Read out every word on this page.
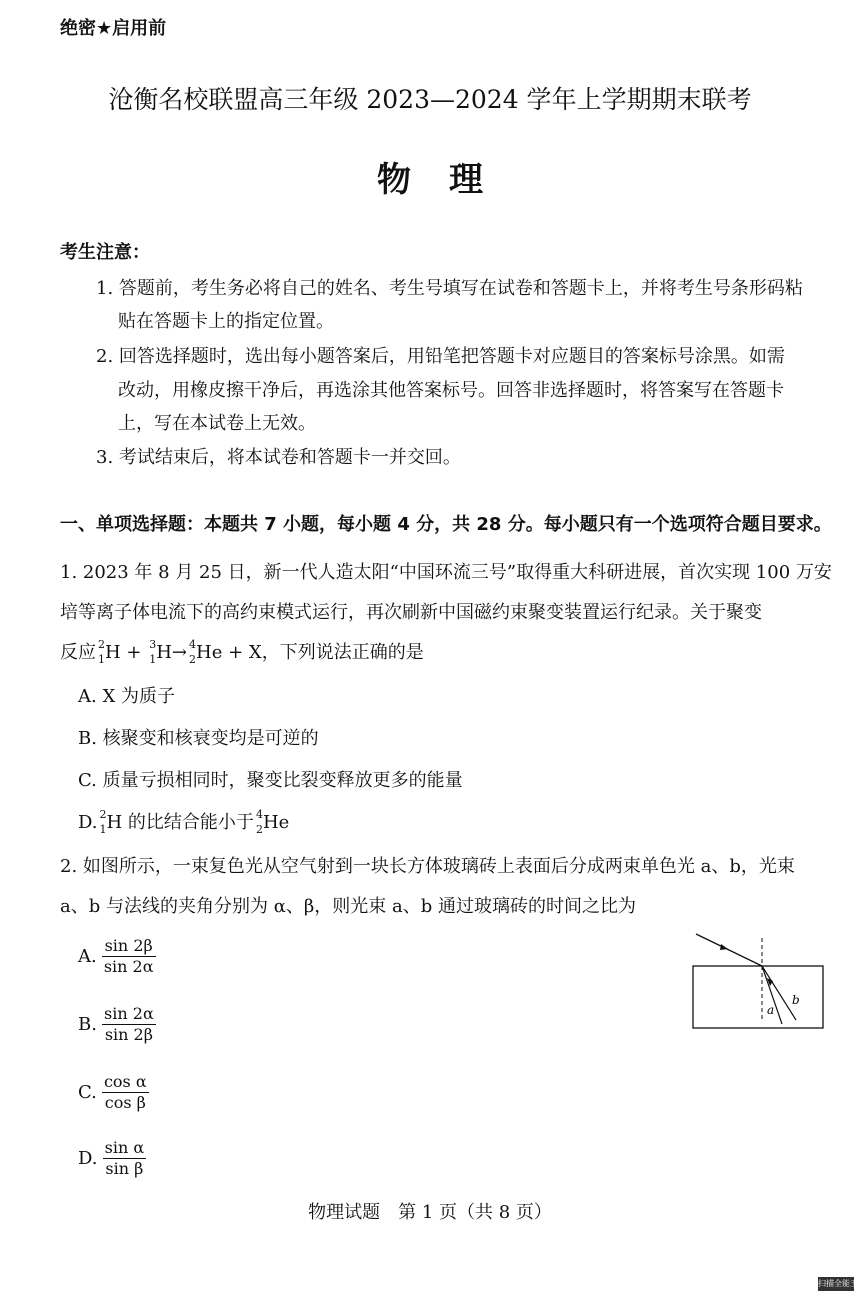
绝密★启用前
沧衡名校联盟高三年级 2023—2024 学年上学期期末联考
物理
考生注意：
1. 答题前，考生务必将自己的姓名、考生号填写在试卷和答题卡上，并将考生号条形码粘
贴在答题卡上的指定位置。
2. 回答选择题时，选出每小题答案后，用铅笔把答题卡对应题目的答案标号涂黑。如需
改动，用橡皮擦干净后，再选涂其他答案标号。回答非选择题时，将答案写在答题卡
上，写在本试卷上无效。
3. 考试结束后，将本试卷和答题卡一并交回。
一、单项选择题：本题共 7 小题，每小题 4 分，共 28 分。每小题只有一个选项符合题目要求。
1. 2023 年 8 月 25 日，新一代人造太阳“中国环流三号”取得重大科研进展，首次实现 100 万安
培等离子体电流下的高约束模式运行，再次刷新中国磁约束聚变装置运行纪录。关于聚变
反应 2
1 H + 3
1 H→ 4
2 He + X，下列说法正确的是
A. X 为质子
B. 核聚变和核衰变均是可逆的
C. 质量亏损相同时，聚变比裂变释放更多的能量
D. 2
1 H 的比结合能小于 4
2 He
2. 如图所示，一束复色光从空气射到一块长方体玻璃砖上表面后分成两束单色光 a、b，光束
a、b 与法线的夹角分别为 α、β，则光束 a、b 通过玻璃砖的时间之比为
A. $\frac{\sin 2\beta}{\sin 2\alpha}$
B. $\frac{\sin 2\alpha}{\sin 2\beta}$
C. $\frac{\text{cos α}}{\text{cos β}}$
D. $\frac{\text{sin α}}{\text{sin β}}$
a
b
物理试题　第 1 页（共 8 页）
扫描全能王
